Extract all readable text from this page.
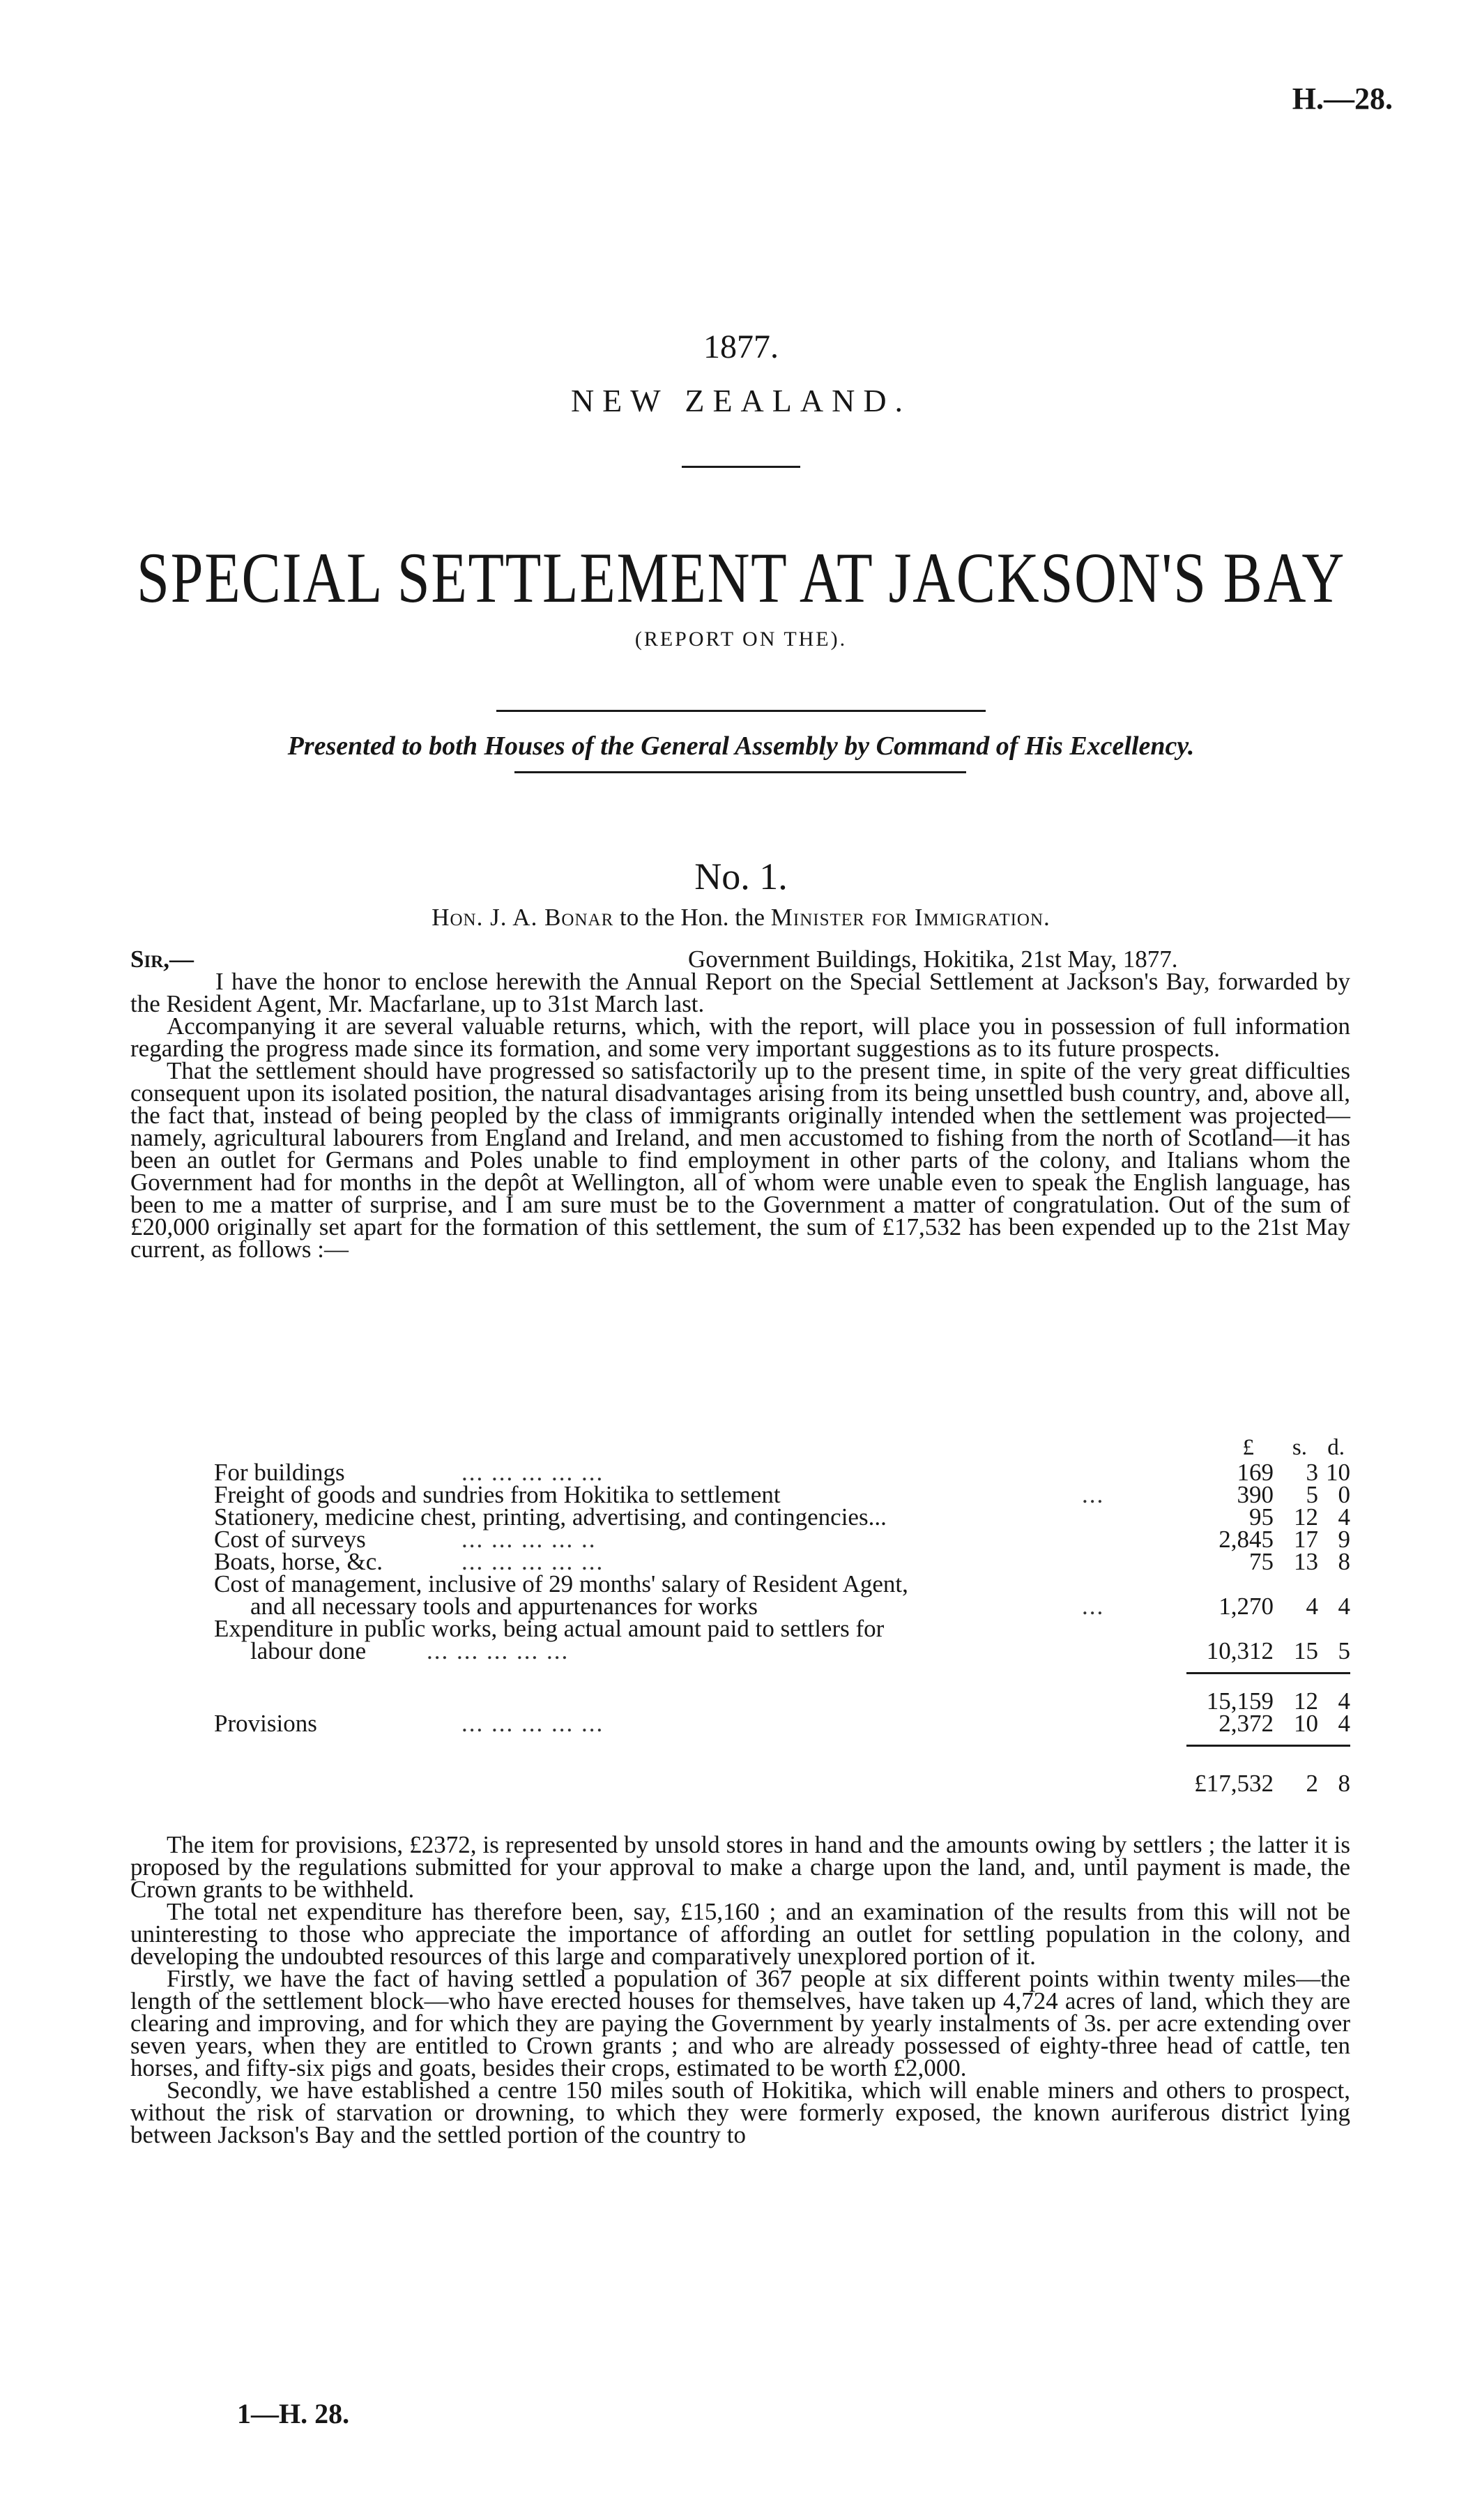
H.—28.
1877.
NEW ZEALAND.
SPECIAL SETTLEMENT AT JACKSON'S BAY
(REPORT ON THE).
Presented to both Houses of the General Assembly by Command of His Excellency.
No. 1.
Hon. J. A. Bonar to the Hon. the Minister for Immigration.
Sir,—	Government Buildings, Hokitika, 21st May, 1877.

I have the honor to enclose herewith the Annual Report on the Special Settlement at Jackson's Bay, forwarded by the Resident Agent, Mr. Macfarlane, up to 31st March last.

Accompanying it are several valuable returns, which, with the report, will place you in possession of full information regarding the progress made since its formation, and some very important suggestions as to its future prospects.

That the settlement should have progressed so satisfactorily up to the present time, in spite of the very great difficulties consequent upon its isolated position, the natural disadvantages arising from its being unsettled bush country, and, above all, the fact that, instead of being peopled by the class of immigrants originally intended when the settlement was projected—namely, agricultural labourers from England and Ireland, and men accustomed to fishing from the north of Scotland—it has been an outlet for Germans and Poles unable to find employment in other parts of the colony, and Italians whom the Government had for months in the depôt at Wellington, all of whom were unable even to speak the English language, has been to me a matter of surprise, and I am sure must be to the Government a matter of congratulation. Out of the sum of £20,000 originally set apart for the formation of this settlement, the sum of £17,532 has been expended up to the 21st May current, as follows :—

£ s. d.
For buildings	... ... ... ... ...	169	3 10
Freight of goods and sundries from Hokitika to settlement	...	390	5 0
Stationery, medicine chest, printing, advertising, and contingencies...	95 12 4
Cost of surveys	... ... ... ... ..	2,845 17 9
Boats, horse, &c.	... ... ... ... ...	75 13 8
Cost of management, inclusive of 29 months' salary of Resident Agent,
and all necessary tools and appurtenances for works	...	1,270	4 4
Expenditure in public works, being actual amount paid to settlers for
labour done ... ... ... ... ...	10,312 15 5
15,159 12 4
Provisions	... ... ... ... ...	2,372 10 4
£17,532	2 8

The item for provisions, £2372, is represented by unsold stores in hand and the amounts owing by settlers ; the latter it is proposed by the regulations submitted for your approval to make a charge upon the land, and, until payment is made, the Crown grants to be withheld.

The total net expenditure has therefore been, say, £15,160 ; and an examination of the results from this will not be uninteresting to those who appreciate the importance of affording an outlet for settling population in the colony, and developing the undoubted resources of this large and comparatively unexplored portion of it.

Firstly, we have the fact of having settled a population of 367 people at six different points within twenty miles—the length of the settlement block—who have erected houses for themselves, have taken up 4,724 acres of land, which they are clearing and improving, and for which they are paying the Government by yearly instalments of 3s. per acre extending over seven years, when they are entitled to Crown grants ; and who are already possessed of eighty-three head of cattle, ten horses, and fifty-six pigs and goats, besides their crops, estimated to be worth £2,000.

Secondly, we have established a centre 150 miles south of Hokitika, which will enable miners and others to prospect, without the risk of starvation or drowning, to which they were formerly exposed, the known auriferous district lying between Jackson's Bay and the settled portion of the country to

1—H. 28.
